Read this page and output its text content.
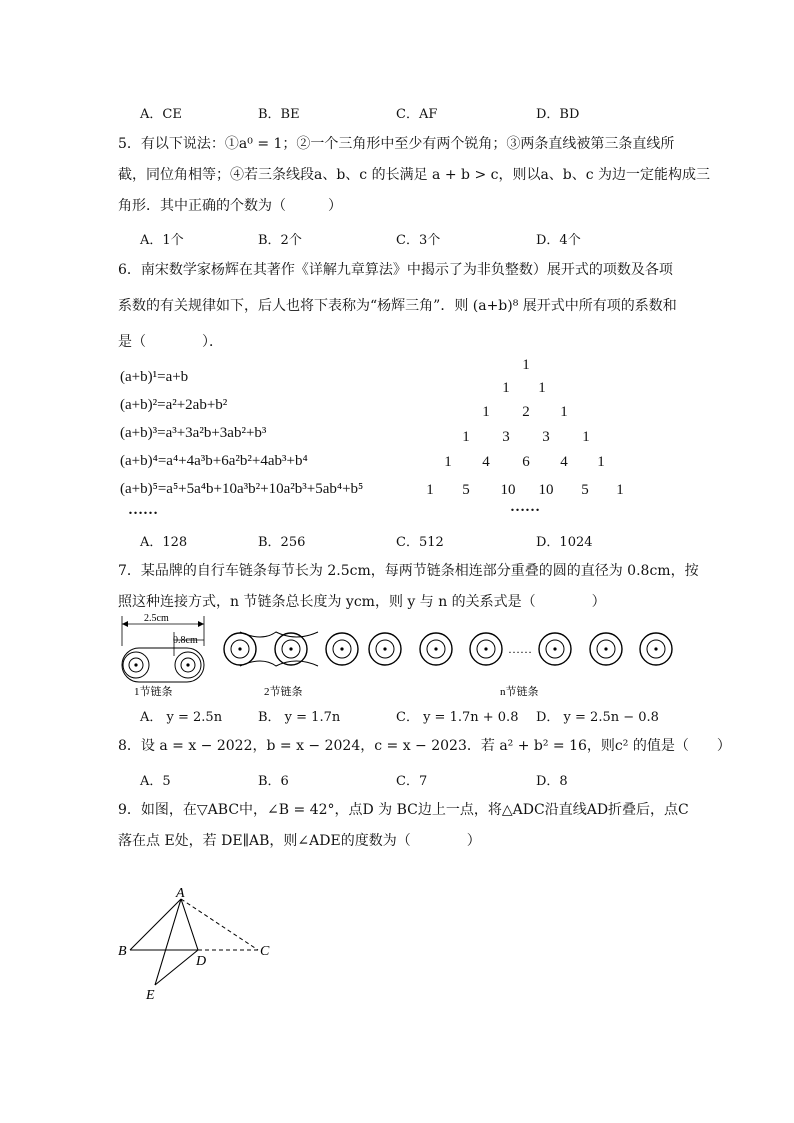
A．CE	B．BE	C．AF	D．BD
5．有以下说法：①a⁰ = 1；②一个三角形中至少有两个锐角；③两条直线被第三条直线所
截，同位角相等；④若三条线段a、b、c 的长满足 a + b > c，则以a、b、c 为边一定能构成三
角形．其中正确的个数为（　　　）
A．1个	B．2个	C．3个	D．4个
6．南宋数学家杨辉在其著作《详解九章算法》中揭示了为非负整数）展开式的项数及各项
系数的有关规律如下，后人也将下表称为“杨辉三角”．则 (a+b)⁸ 展开式中所有项的系数和
是（　　　　）．
(a+b)¹=a+b
(a+b)²=a²+2ab+b²
(a+b)³=a³+3a²b+3ab²+b³
(a+b)⁴=a⁴+4a³b+6a²b²+4ab³+b⁴
(a+b)⁵=a⁵+5a⁴b+10a³b²+10a²b³+5ab⁴+b⁵
……
1
1	1
1	2	1
1	3	3	1
1	4	6	4	1
1	5	10	10	5	1
……
A．128	B．256	C．512	D．1024
7．某品牌的自行车链条每节长为 2.5cm，每两节链条相连部分重叠的圆的直径为 0.8cm，按
照这种连接方式，n 节链条总长度为 ycm，则 y 与 n 的关系式是（　　　　）
2.5cm
0.8cm
……
1节链条	2节链条	n节链条
A． y = 2.5n	B． y = 1.7n	C． y = 1.7n + 0.8 D． y = 2.5n − 0.8
8．设 a = x − 2022，b = x − 2024，c = x − 2023．若 a² + b² = 16，则c² 的值是（　　）
A．5	B．6	C．7	D．8
9．如图，在▽ABC中，∠B = 42°，点D 为 BC边上一点，将△ADC沿直线AD折叠后，点C
落在点 E处，若 DE∥AB，则∠ADE的度数为（　　　　）
A
B	C
D
E
